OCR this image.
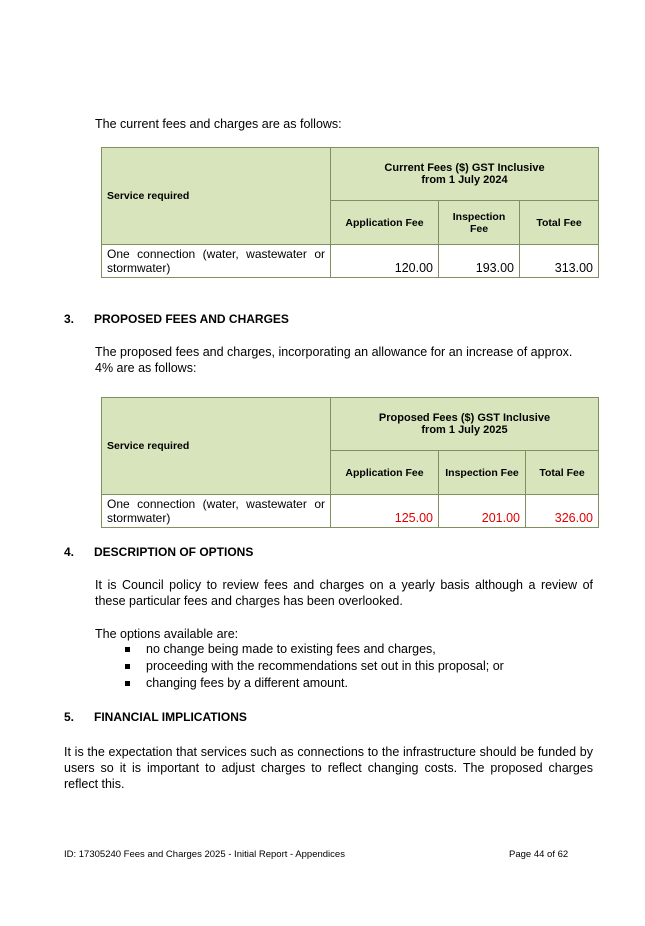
The current fees and charges are as follows:
Service required	Current Fees ($) GST Inclusive
from 1 July 2024		

	Application Fee	Inspection Fee	Total Fee
One connection (water, wastewater or stormwater)	120.00	193.00	313.00
3. PROPOSED FEES AND CHARGES
The proposed fees and charges, incorporating an allowance for an increase of approx. 4% are as follows:
Service required	Proposed Fees ($) GST Inclusive
from 1 July 2025		

	Application Fee	Inspection Fee	Total Fee
One connection (water, wastewater or stormwater)	125.00	201.00	326.00
4. DESCRIPTION OF OPTIONS
It is Council policy to review fees and charges on a yearly basis although a review of these particular fees and charges has been overlooked.
The options available are:
no change being made to existing fees and charges,
proceeding with the recommendations set out in this proposal; or
changing fees by a different amount.
5. FINANCIAL IMPLICATIONS
It is the expectation that services such as connections to the infrastructure should be funded by users so it is important to adjust charges to reflect changing costs. The proposed charges reflect this.
ID: 17305240 Fees and Charges 2025 - Initial Report - Appendices	Page 44 of 62
